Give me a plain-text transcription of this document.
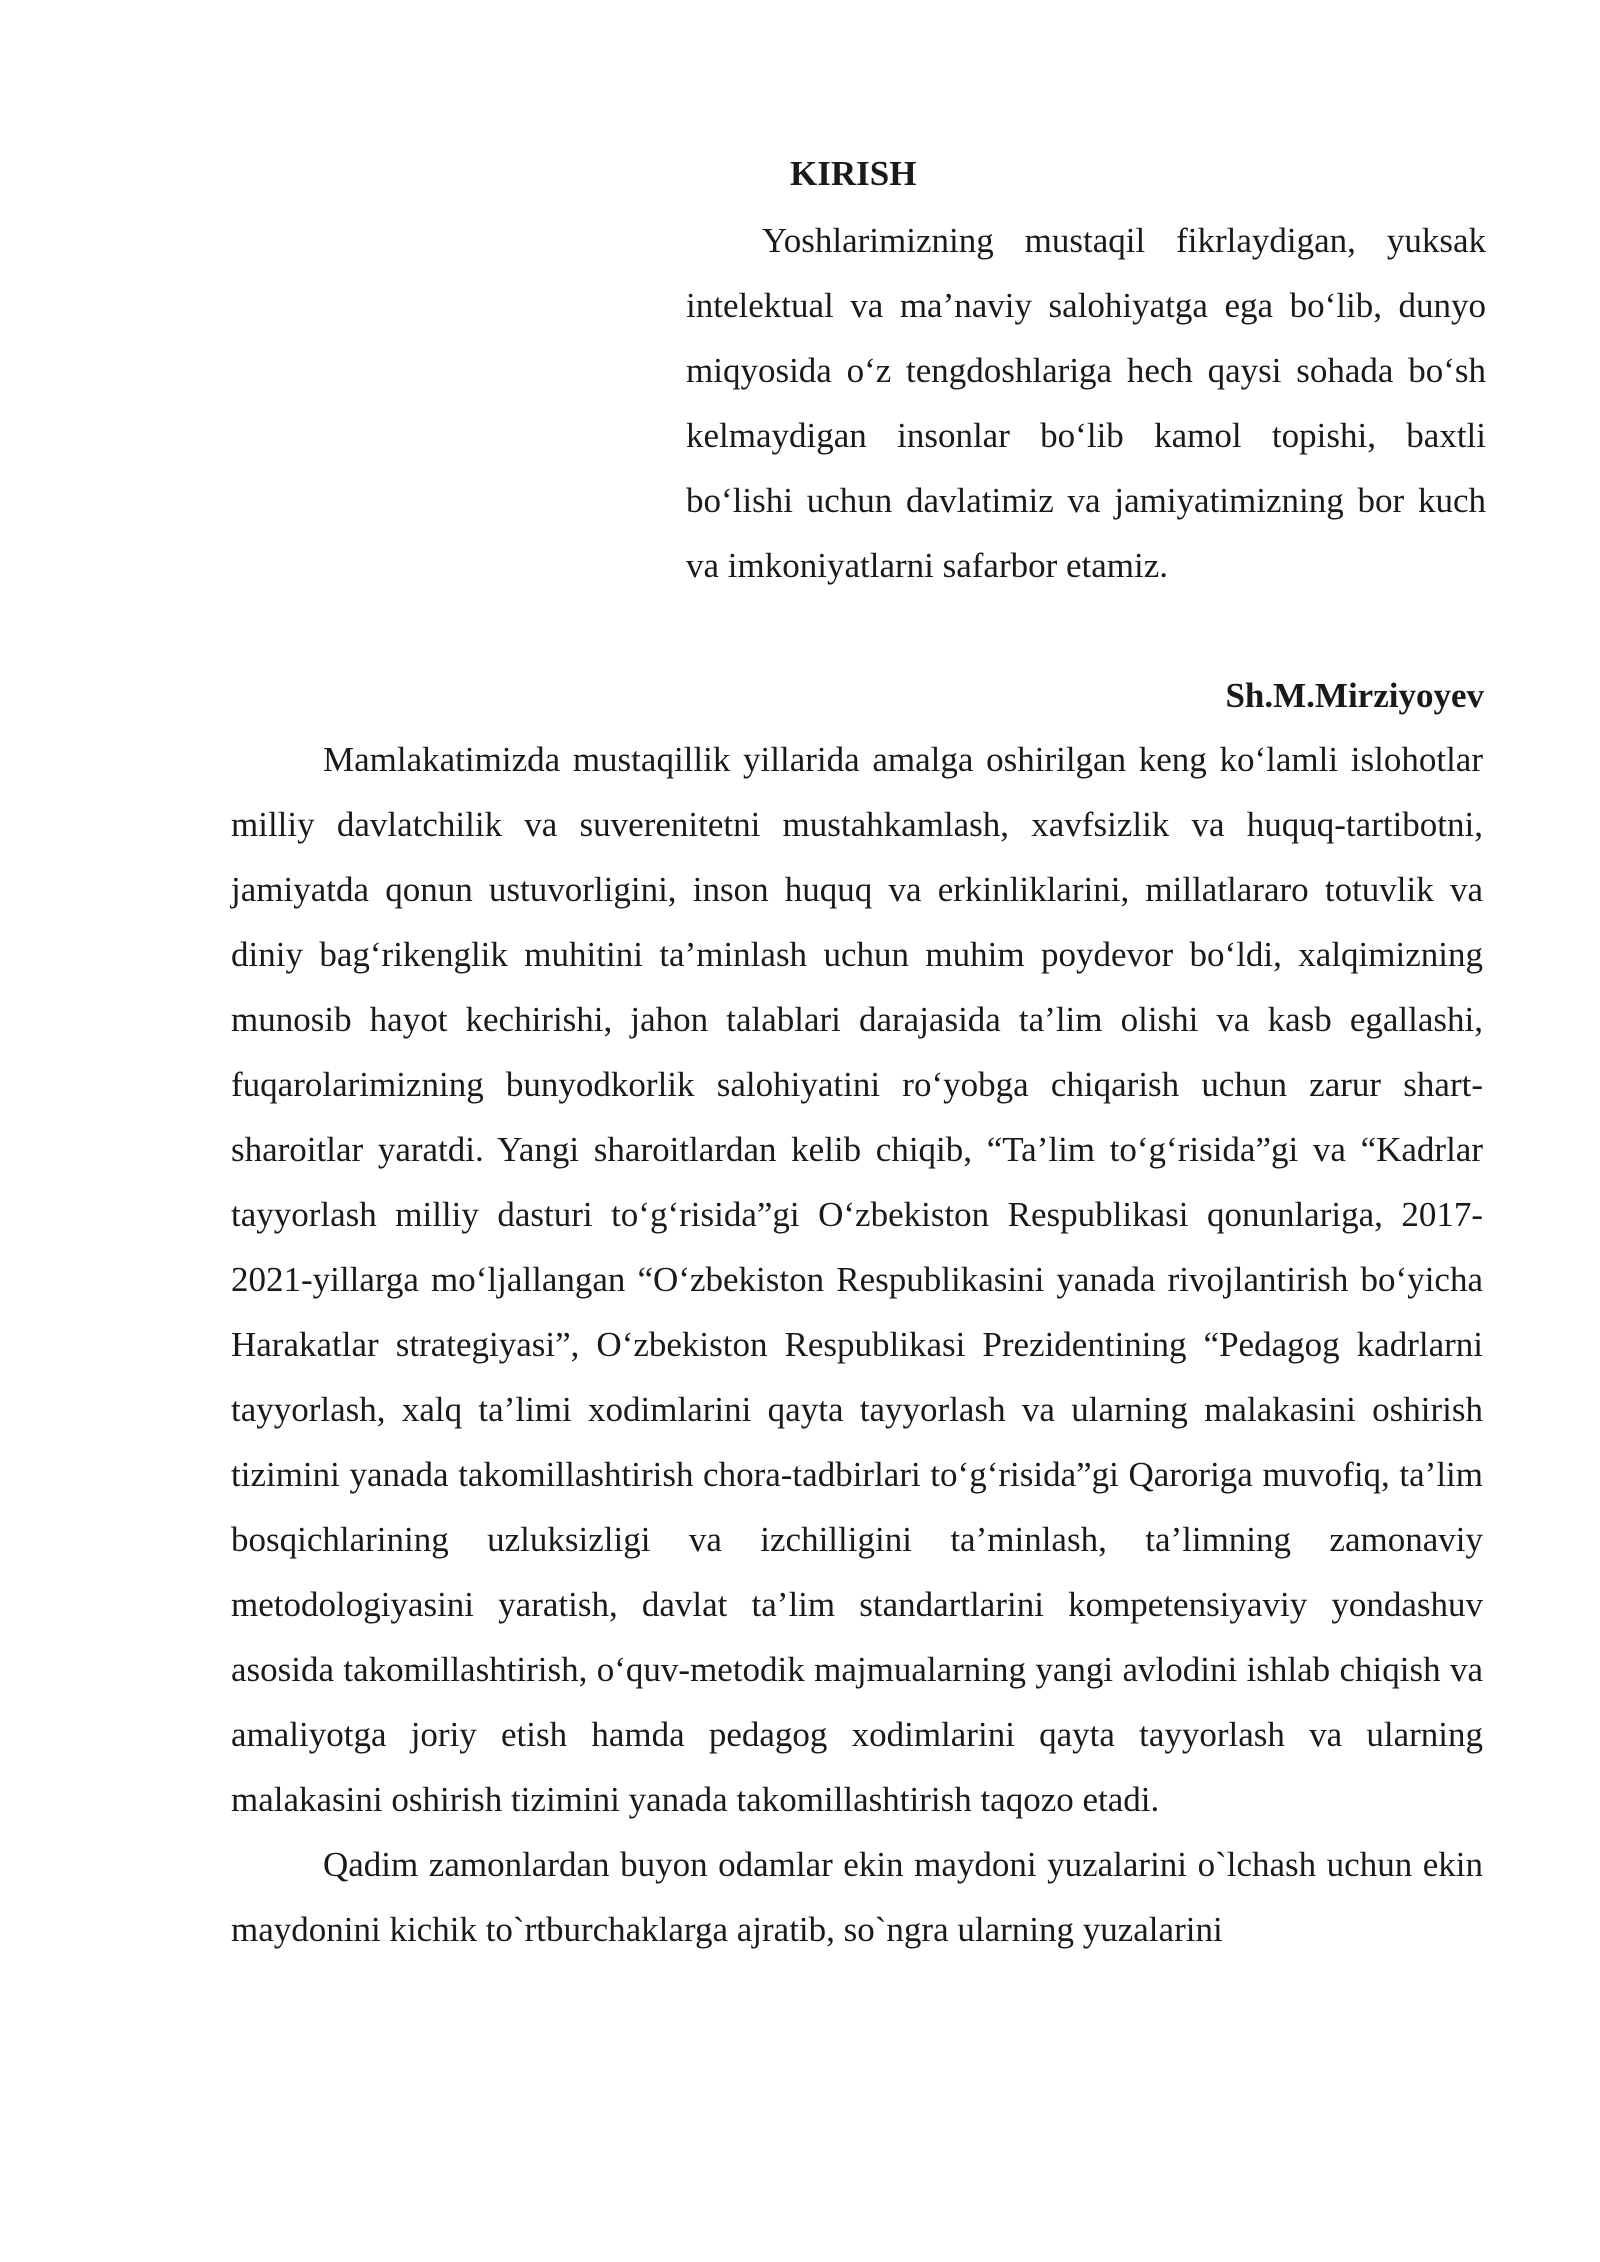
KIRISH

Yoshlarimizning mustaqil fikrlaydigan, yuksak intelektual va ma’naviy salohiyatga ega bo‘lib, dunyo miqyosida o‘z tengdoshlariga hech qaysi sohada bo‘sh kelmaydigan insonlar bo‘lib kamol topishi, baxtli bo‘lishi uchun davlatimiz va jamiyatimizning bor kuch va imkoniyatlarni safarbor etamiz.

Sh.M.Mirziyoyev

Mamlakatimizda mustaqillik yillarida amalga oshirilgan keng ko‘lamli islohotlar milliy davlatchilik va suverenitetni mustahkamlash, xavfsizlik va huquq-tartibotni, jamiyatda qonun ustuvorligini, inson huquq va erkinliklarini, millatlararo totuvlik va diniy bag‘rikenglik muhitini ta’minlash uchun muhim poydevor bo‘ldi, xalqimizning munosib hayot kechirishi, jahon talablari darajasida ta’lim olishi va kasb egallashi, fuqarolarimizning bunyodkorlik salohiyatini ro‘yobga chiqarish uchun zarur shart-sharoitlar yaratdi. Yangi sharoitlardan kelib chiqib, “Ta’lim to‘g‘risida”gi va “Kadrlar tayyorlash milliy dasturi to‘g‘risida”gi O‘zbekiston Respublikasi qonunlariga, 2017-2021-yillarga mo‘ljallangan “O‘zbekiston Respublikasini yanada rivojlantirish bo‘yicha Harakatlar strategiyasi”, O‘zbekiston Respublikasi Prezidentining “Pedagog kadrlarni tayyorlash, xalq ta’limi xodimlarini qayta tayyorlash va ularning malakasini oshirish tizimini yanada takomillashtirish chora-tadbirlari to‘g‘risida”gi Qaroriga muvofiq, ta’lim bosqichlarining uzluksizligi va izchilligini ta’minlash, ta’limning zamonaviy metodologiyasini yaratish, davlat ta’lim standartlarini kompetensiyaviy yondashuv asosida takomillashtirish, o‘quv-metodik majmualarning yangi avlodini ishlab chiqish va amaliyotga joriy etish hamda pedagog xodimlarini qayta tayyorlash va ularning malakasini oshirish tizimini yanada takomillashtirish taqozo etadi.

Qadim zamonlardan buyon odamlar ekin maydoni yuzalarini o`lchash uchun ekin maydonini kichik to`rtburchaklarga ajratib, so`ngra ularning yuzalarini
